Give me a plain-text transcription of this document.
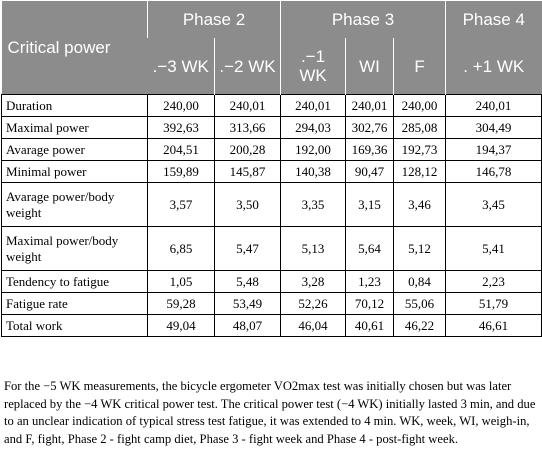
Critical power	Phase 2		Phase 3			Phase 4
	.−3 WK	.−2 WK	.−1 WK	WI	F	. +1 WK
Duration	240,00	240,01	240,01	240,01	240,00	240,01
Maximal power	392,63	313,66	294,03	302,76	285,08	304,49
Avarage power	204,51	200,28	192,00	169,36	192,73	194,37
Minimal power	159,89	145,87	140,38	90,47	128,12	146,78
Avarage power/body weight	3,57	3,50	3,35	3,15	3,46	3,45
Maximal power/body weight	6,85	5,47	5,13	5,64	5,12	5,41
Tendency to fatigue	1,05	5,48	3,28	1,23	0,84	2,23
Fatigue rate	59,28	53,49	52,26	70,12	55,06	51,79
Total work	49,04	48,07	46,04	40,61	46,22	46,61

For the −5 WK measurements, the bicycle ergometer VO2max test was initially chosen but was later replaced by the −4 WK critical power test. The critical power test (−4 WK) initially lasted 3 min, and due to an unclear indication of typical stress test fatigue, it was extended to 4 min. WK, week, WI, weigh-in, and F, fight, Phase 2 - fight camp diet, Phase 3 - fight week and Phase 4 - post-fight week.
